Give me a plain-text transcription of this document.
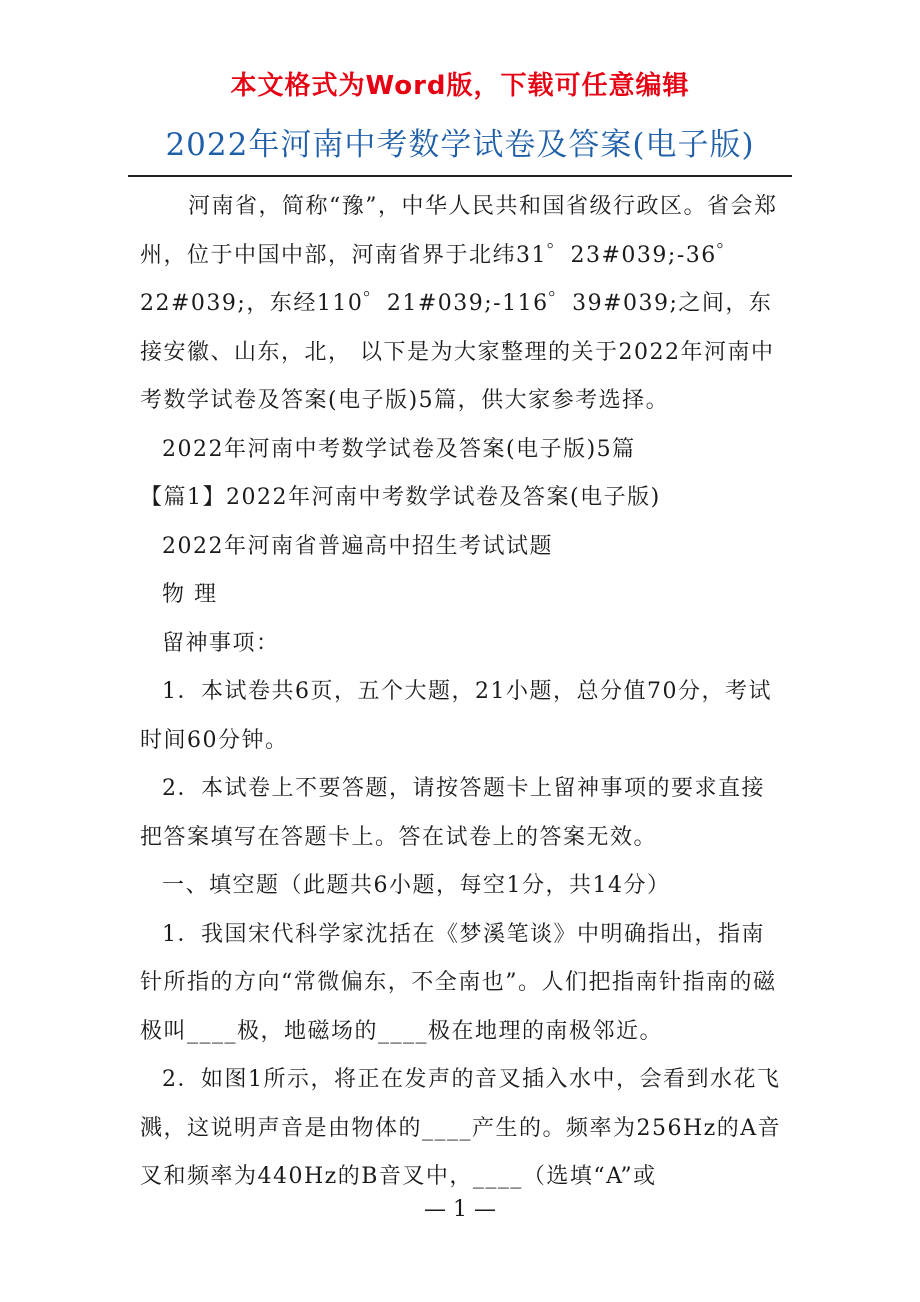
本文格式为Word版，下载可任意编辑
2022年河南中考数学试卷及答案(电子版)

河南省，简称“豫”，中华人民共和国省级行政区。省会郑州，位于中国中部，河南省界于北纬31゜23#039;-36゜22#039;，东经110゜21#039;-116゜39#039;之间，东接安徽、山东，北， 以下是为大家整理的关于2022年河南中考数学试卷及答案(电子版)5篇，供大家参考选择。

2022年河南中考数学试卷及答案(电子版)5篇

【篇1】2022年河南中考数学试卷及答案(电子版)

2022年河南省普遍高中招生考试试题

物 理

留神事项：

1．本试卷共6页，五个大题，21小题，总分值70分，考试时间60分钟。

2．本试卷上不要答题，请按答题卡上留神事项的要求直接把答案填写在答题卡上。答在试卷上的答案无效。

一、填空题（此题共6小题，每空1分，共14分）

1．我国宋代科学家沈括在《梦溪笔谈》中明确指出，指南针所指的方向“常微偏东，不全南也”。人们把指南针指南的磁极叫____极，地磁场的____极在地理的南极邻近。

2．如图1所示，将正在发声的音叉插入水中，会看到水花飞溅，这说明声音是由物体的____产生的。频率为256Hz的A音叉和频率为440Hz的B音叉中，____（选填“A”或

— 1 —
